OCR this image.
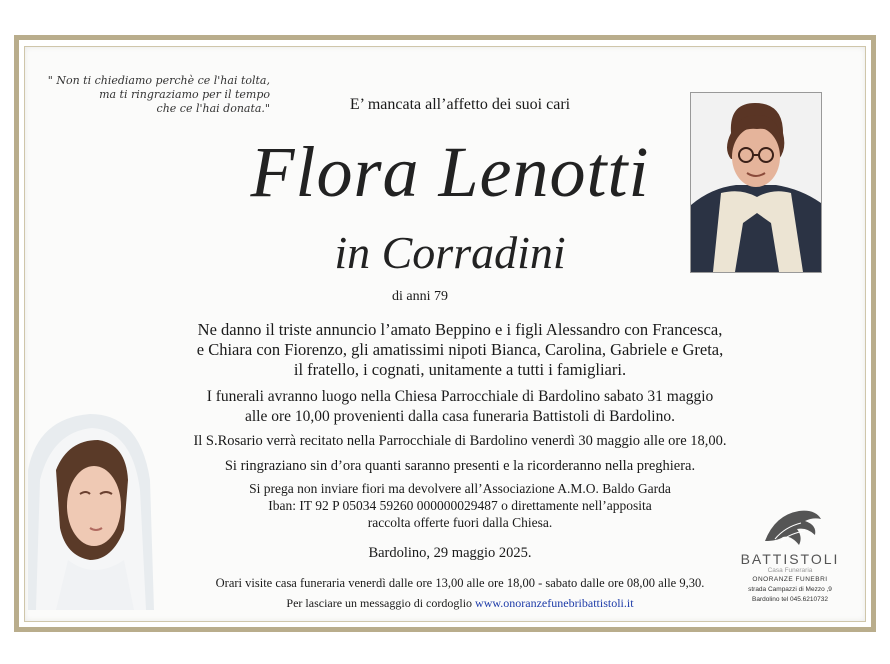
" Non ti chiediamo perchè ce l'hai tolta,
ma ti ringraziamo per il tempo
che ce l'hai donata."	E’ mancata all’affetto dei suoi cari
Flora Lenotti
in Corradini
di anni 79
Ne danno il triste annuncio l’amato Beppino e i figli Alessandro con Francesca,
e Chiara con Fiorenzo, gli amatissimi nipoti Bianca, Carolina, Gabriele e Greta,
il fratello, i cognati, unitamente a tutti i famigliari.
I funerali avranno luogo nella Chiesa Parrocchiale di Bardolino sabato 31 maggio
alle ore 10,00 provenienti dalla casa funeraria Battistoli di Bardolino.
Il S.Rosario verrà recitato nella Parrocchiale di Bardolino venerdì 30 maggio alle ore 18,00.
Si ringraziano sin d’ora quanti saranno presenti e la ricorderanno nella preghiera.
Si prega non inviare fiori ma devolvere all’Associazione A.M.O. Baldo Garda
Iban: IT 92 P 05034 59260 000000029487 o direttamente nell’apposita
raccolta offerte fuori dalla Chiesa.
Bardolino, 29 maggio 2025.
Orari visite casa funeraria venerdì dalle ore 13,00 alle ore 18,00 - sabato dalle ore 08,00 alle 9,30.
Per lasciare un messaggio di cordoglio www.onoranzefunebribattistoli.it
BATTISTOLI
Casa Funeraria
ONORANZE FUNEBRI
strada Campazzi di Mezzo ,9
Bardolino tel 045.6210732
